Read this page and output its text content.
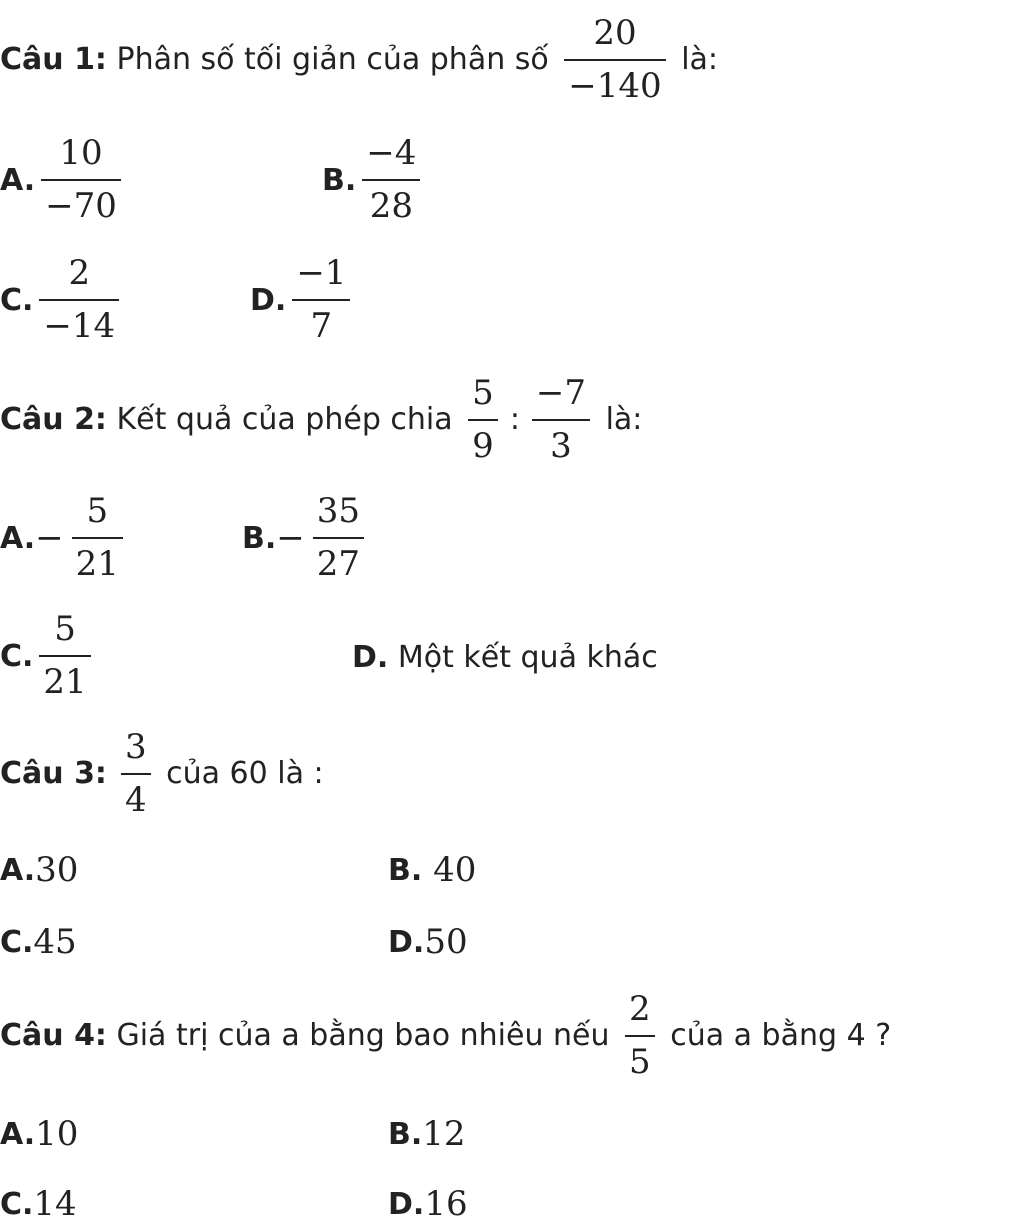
Câu 1: Phân số tối giản của phân số $\frac{20}{-140}$ là:
A. $\frac{10}{-70}$	B. $\frac{-4}{28}$
C. $\frac{2}{-14}$	D. $\frac{-1}{7}$
Câu 2: Kết quả của phép chia $\frac{5}{9}$ : $\frac{-7}{3}$ là:
A. − $\frac{5}{21}$	B. − $\frac{35}{27}$
C. $\frac{5}{21}$	D. Một kết quả khác
Câu 3: $\frac{3}{4}$ của 60 là :
A. 30	B. 40
C. 45	D. 50
Câu 4: Giá trị của a bằng bao nhiêu nếu $\frac{2}{5}$ của a bằng 4 ?
A. 10	B. 12
C. 14	D. 16
